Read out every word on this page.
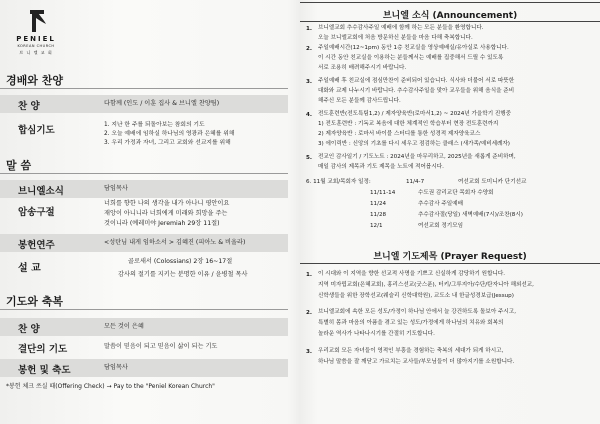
PENIEL
KOREAN CHURCH
브 니 엘 교 회
경배와 찬양
찬 양	다함께 (인도 / 이훈 집사 & 브니엘 찬양팀)
합심기도	1. 지난 한 주를 되돌아보는 참회의 기도
2. 오늘 예배에 임하실 하나님의 영광과 은혜를 위해
3. 우리 가정과 자녀, 그리고 교회와 선교지를 위해
말 씀
브니엘소식	담임목사
암송구절
너희를 향한 나의 생각을 내가 아나니 평안이요
재앙이 아니니라 너희에게 미래와 희망을 주는
것이니라 (예레미야 Jeremiah 29장 11절)
봉헌연주	<성탄님 내게 임하소서 > 김혜진 (피아노 & 비올라)
설 교
골로새서 (Colossians) 2장 16~17절
감사의 절기를 지키는 분명한 이유 / 윤병철 목사
기도와 축복
찬 양	모든 것이 은혜
결단의 기도	말씀이 믿음이 되고 믿음이 삶이 되는 기도
봉헌 및 축도	담임목사
*봉헌 체크 쓰실 때(Offering Check) → Pay to the "Peniel Korean Church"
브니엘 소식 (Announcement)
1. 브니엘교회 추수감사주일 예배에 함께 하는 모든 분들을 환영합니다.
오늘 브니엘교회에 처음 방문하신 분들을 마음 다해 축복합니다.
2. 주일예배시간(12~1pm) 동안 1층 친교실을 영상예배실/유아실로 사용합니다.
이 시간 동안 친교실을 이용하는 분들께서는 예배를 집중해서 드릴 수 있도록
서로 조용히 배려해주시기 바랍니다.
3. 주일예배 후 친교실에 점심만찬이 준비되어 있습니다. 식사와 더불어 서로 따뜻한
대화와 교제 나누시기 바랍니다. 추수감사주일을 맞아 교우들을 위해 음식을 준비
해주신 모든 분들께 감사드립니다.
4. 전도훈련반(전도특팀1,2) / 제자양육반(로마서1,2) ~ 2024년 가을학기 진행중
1) 전도훈련반 : 기독교 복음에 대한 체계적인 학습부터 현장 전도훈련까지
2) 제자양육반 : 로마서 바이블 스터디를 통한 성경적 제자양육코스
3) 에이릭반 : 신앙의 기초를 다시 세우고 점검하는 클래스 (새가족/예비세례자)
5. 전교인 감사일기 / 기도노트 : 2024년을 마무리하고, 2025년을 새롭게 준비하며,
매일 감사의 제목과 기도 제목을 노트에 적어봅시다.
6. 11월 교회/목회자 일정:	11/4-7	여선교회 도미니카 단기선교
11/11-14	수도권 감리교단 목회자 수양회
11/24	추수감사 주일예배
11/28	추수감사절(당일) 새벽예배(7시)/조찬(8시)
12/1	여선교회 정기모임
브니엘 기도제목 (Prayer Request)
1. 이 시대와 이 지역을 향한 선교적 사명을 기쁘고 신실하게 감당하기 원합니다.
지역 미자립교회(은혜교회), 홍리스선교(굿스푼), 터키/그루지아/수단/탄자니아 해외선교,
신학생들을 위한 장학선교(웨슬리 신학대학원), 교도소 내 한글성경보급(Jessup)
2. 브니엘교회에 속한 모든 성도/가정이 하나님 안에서 늘 강건하도록 돌보아 주시고,
특별히 몸과 마음의 아픔을 겪고 있는 성도/가정에게 하나님의 치유와 회복의
놀라운 역사가 나타나시기를 간절히 기도합니다.
3. 우리교회 모든 자녀들이 영적인 부흥을 경험하는 축복의 세대가 되게 하시고,
하나님 말씀을 잘 깨닫고 가르치는 교사들/부모님들이 더 많아지기를 소원합니다.
